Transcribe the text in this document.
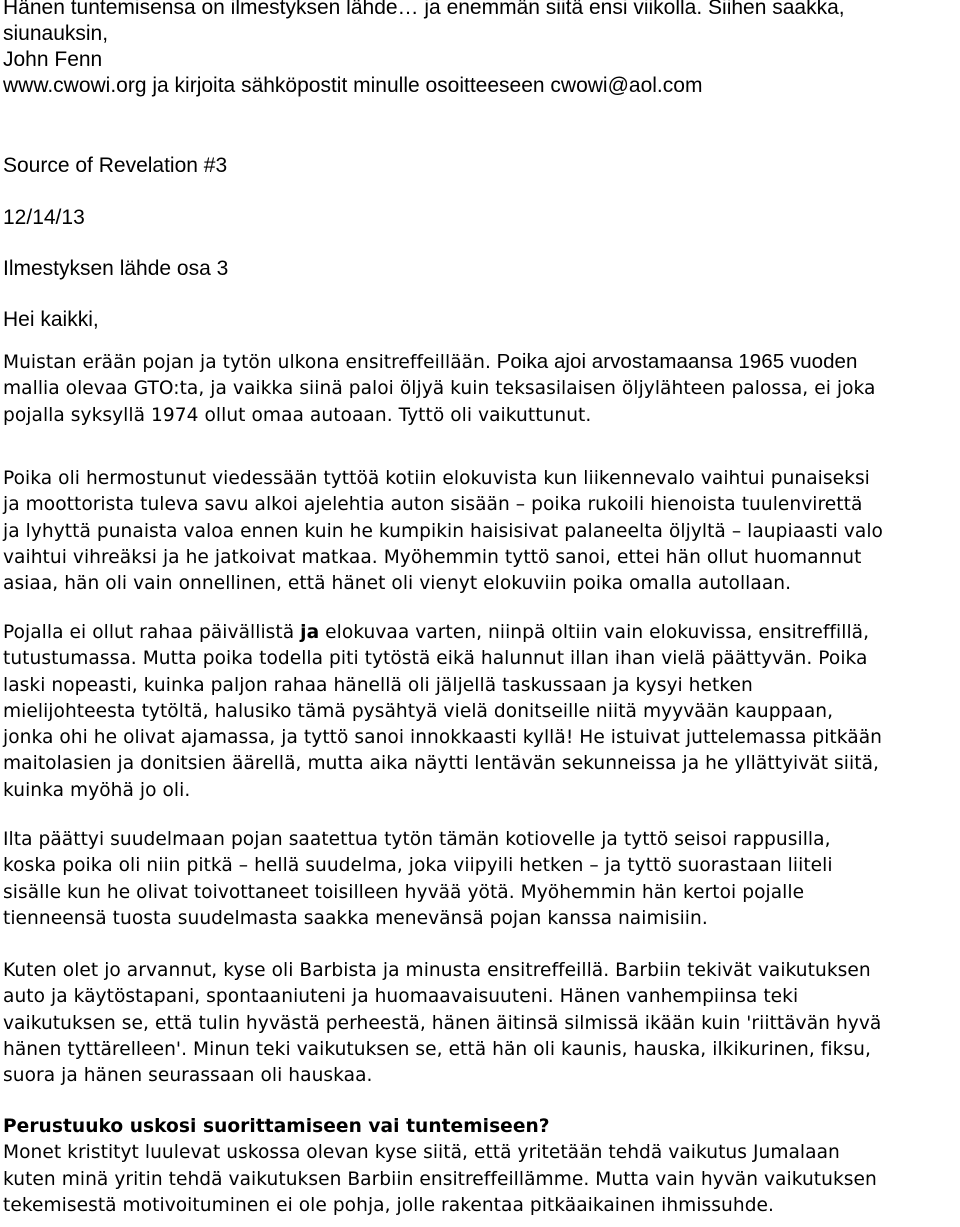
Hänen tuntemisensa on ilmestyksen lähde… ja enemmän siitä ensi viikolla. Siihen saakka,
siunauksin,
John Fenn
www.cwowi.org ja kirjoita sähköpostit minulle osoitteeseen cwowi@aol.com
Source of Revelation #3
12/14/13
Ilmestyksen lähde osa 3
Hei kaikki,
Muistan erään pojan ja tytön ulkona ensitreffeillään. Poika ajoi arvostamaansa 1965 vuoden
mallia olevaa GTO:ta, ja vaikka siinä paloi öljyä kuin teksasilaisen öljylähteen palossa, ei joka
pojalla syksyllä 1974 ollut omaa autoaan. Tyttö oli vaikuttunut.
Poika oli hermostunut viedessään tyttöä kotiin elokuvista kun liikennevalo vaihtui punaiseksi
ja moottorista tuleva savu alkoi ajelehtia auton sisään – poika rukoili hienoista tuulenvirettä
ja lyhyttä punaista valoa ennen kuin he kumpikin haisisivat palaneelta öljyltä – laupiaasti valo
vaihtui vihreäksi ja he jatkoivat matkaa. Myöhemmin tyttö sanoi, ettei hän ollut huomannut
asiaa, hän oli vain onnellinen, että hänet oli vienyt elokuviin poika omalla autollaan.
Pojalla ei ollut rahaa päivällistä ja elokuvaa varten, niinpä oltiin vain elokuvissa, ensitreffillä,
tutustumassa. Mutta poika todella piti tytöstä eikä halunnut illan ihan vielä päättyvän. Poika
laski nopeasti, kuinka paljon rahaa hänellä oli jäljellä taskussaan ja kysyi hetken
mielijohteesta tytöltä, halusiko tämä pysähtyä vielä donitseille niitä myyvään kauppaan,
jonka ohi he olivat ajamassa, ja tyttö sanoi innokkaasti kyllä! He istuivat juttelemassa pitkään
maitolasien ja donitsien äärellä, mutta aika näytti lentävän sekunneissa ja he yllättyivät siitä,
kuinka myöhä jo oli.
Ilta päättyi suudelmaan pojan saatettua tytön tämän kotiovelle ja tyttö seisoi rappusilla,
koska poika oli niin pitkä – hellä suudelma, joka viipyili hetken – ja tyttö suorastaan liiteli
sisälle kun he olivat toivottaneet toisilleen hyvää yötä. Myöhemmin hän kertoi pojalle
tienneensä tuosta suudelmasta saakka menevänsä pojan kanssa naimisiin.
Kuten olet jo arvannut, kyse oli Barbista ja minusta ensitreffeillä. Barbiin tekivät vaikutuksen
auto ja käytöstapani, spontaaniuteni ja huomaavaisuuteni. Hänen vanhempiinsa teki
vaikutuksen se, että tulin hyvästä perheestä, hänen äitinsä silmissä ikään kuin 'riittävän hyvä
hänen tyttärelleen'. Minun teki vaikutuksen se, että hän oli kaunis, hauska, ilkikurinen, fiksu,
suora ja hänen seurassaan oli hauskaa.
Perustuuko uskosi suorittamiseen vai tuntemiseen?
Monet kristityt luulevat uskossa olevan kyse siitä, että yritetään tehdä vaikutus Jumalaan
kuten minä yritin tehdä vaikutuksen Barbiin ensitreffeillämme. Mutta vain hyvän vaikutuksen
tekemisestä motivoituminen ei ole pohja, jolle rakentaa pitkäaikainen ihmissuhde.
